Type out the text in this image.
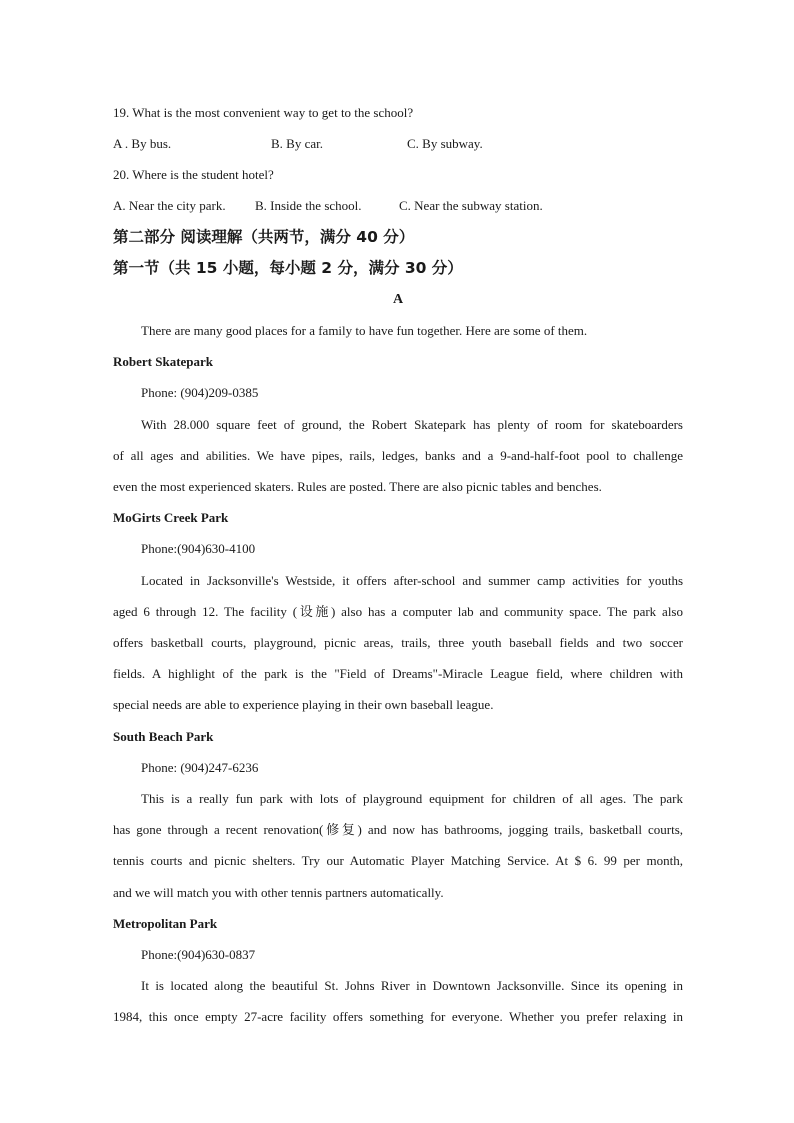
19. What is the most convenient way to get to the school?
A . By bus.	B. By car.	C. By subway.
20. Where is the student hotel?
A. Near the city park. B. Inside the school.	C. Near the subway station.
第二部分 阅读理解（共两节，满分 40 分）
第一节（共 15 小题，每小题 2 分，满分 30 分）
A
There are many good places for a family to have fun together. Here are some of them.
Robert Skatepark
Phone: (904)209-0385
With 28.000 square feet of ground, the Robert Skatepark has plenty of room for skateboarders
of all ages and abilities. We have pipes, rails, ledges, banks and a 9-and-half-foot pool to challenge
even the most experienced skaters. Rules are posted. There are also picnic tables and benches.
MoGirts Creek Park
Phone:(904)630-4100
Located in Jacksonville's Westside, it offers after-school and summer camp activities for youths
aged 6 through 12. The facility (设施) also has a computer lab and community space. The park also
offers basketball courts, playground, picnic areas, trails, three youth baseball fields and two soccer
fields. A highlight of the park is the "Field of Dreams"-Miracle League field, where children with
special needs are able to experience playing in their own baseball league.
South Beach Park
Phone: (904)247-6236
This is a really fun park with lots of playground equipment for children of all ages. The park
has gone through a recent renovation(修复) and now has bathrooms, jogging trails, basketball courts,
tennis courts and picnic shelters. Try our Automatic Player Matching Service. At $ 6. 99 per month,
and we will match you with other tennis partners automatically.
Metropolitan Park
Phone:(904)630-0837
It is located along the beautiful St. Johns River in Downtown Jacksonville. Since its opening in
1984, this once empty 27-acre facility offers something for everyone. Whether you prefer relaxing in
